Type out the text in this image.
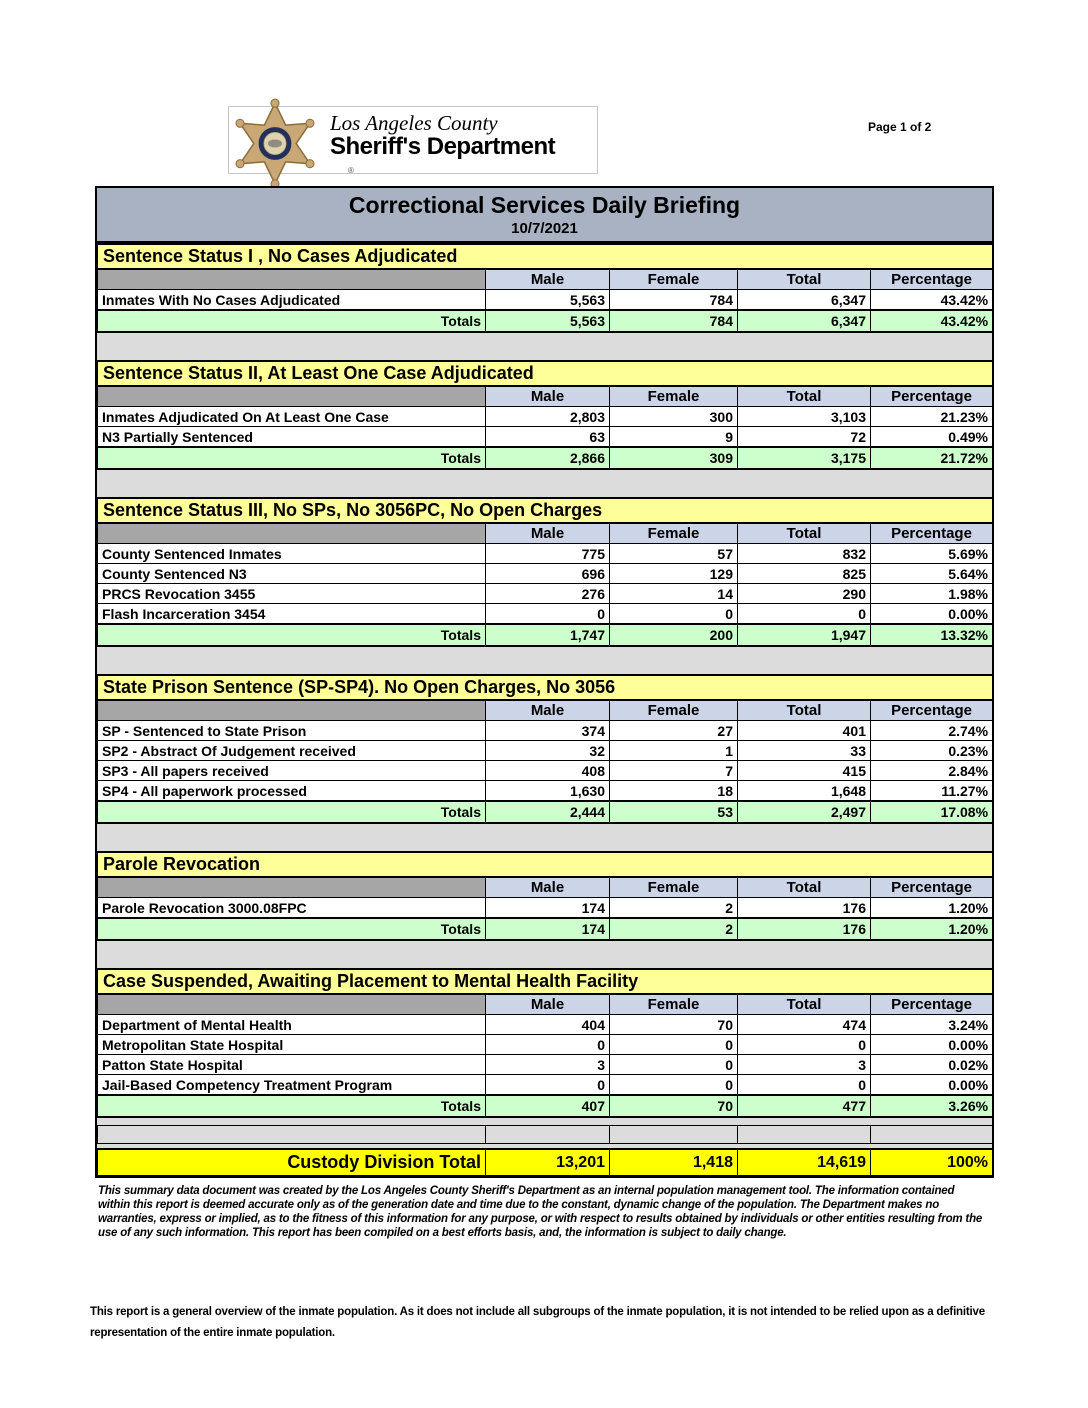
®
Los Angeles County
Sheriff's Department
Page 1 of 2
Correctional Services Daily Briefing
10/7/2021
Sentence Status I , No Cases Adjudicated				
	Male	Female	Total	Percentage
Inmates With No Cases Adjudicated	5,563	784	6,347	43.42%
Totals	5,563	784	6,347	43.42%
Sentence Status II, At Least One Case Adjudicated				
	Male	Female	Total	Percentage
Inmates Adjudicated On At Least One Case	2,803	300	3,103	21.23%
N3 Partially Sentenced	63	9	72	0.49%
Totals	2,866	309	3,175	21.72%
Sentence Status III, No SPs, No 3056PC, No Open Charges				
	Male	Female	Total	Percentage
County Sentenced Inmates	775	57	832	5.69%
County Sentenced N3	696	129	825	5.64%
PRCS Revocation 3455	276	14	290	1.98%
Flash Incarceration 3454	0	0	0	0.00%
Totals	1,747	200	1,947	13.32%
State Prison Sentence (SP-SP4). No Open Charges, No 3056				
	Male	Female	Total	Percentage
SP - Sentenced to State Prison	374	27	401	2.74%
SP2 - Abstract Of Judgement received	32	1	33	0.23%
SP3 - All papers received	408	7	415	2.84%
SP4 - All paperwork processed	1,630	18	1,648	11.27%
Totals	2,444	53	2,497	17.08%
Parole Revocation				
	Male	Female	Total	Percentage
Parole Revocation 3000.08FPC	174	2	176	1.20%
Totals	174	2	176	1.20%
Case Suspended, Awaiting Placement to Mental Health Facility				
	Male	Female	Total	Percentage
Department of Mental Health	404	70	474	3.24%
Metropolitan State Hospital	0	0	0	0.00%
Patton State Hospital	3	0	3	0.02%
Jail-Based Competency Treatment Program	0	0	0	0.00%
Totals	407	70	477	3.26%

Custody Division Total	13,201	1,418	14,619	100%
This summary data document was created by the Los Angeles County Sheriff's Department as an internal population management tool. The information contained within this report is deemed accurate only as of the generation date and time due to the constant, dynamic change of the population. The Department makes no warranties, express or implied, as to the fitness of this information for any purpose, or with respect to results obtained by individuals or other entities resulting from the use of any such information. This report has been compiled on a best efforts basis, and, the information is subject to daily change.
This report is a general overview of the inmate population. As it does not include all subgroups of the inmate population, it is not intended to be relied upon as a definitive representation of the entire inmate population.
